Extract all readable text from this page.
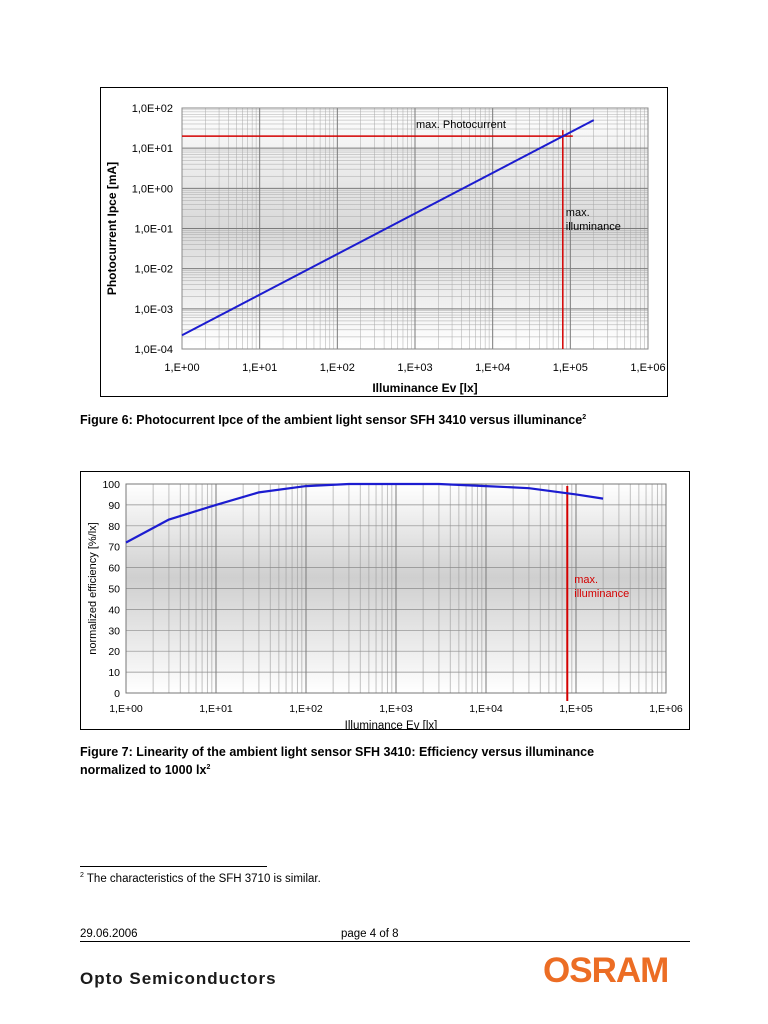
1,E+00	1,E+01	1,E+02	1,E+03	1,E+04	1,E+05	1,E+06
1,0E+02
1,0E+01
1,0E+00
1,0E-01
1,0E-02
1,0E-03
1,0E-04
max. Photocurrent
max.
illuminance
Illuminance Ev [lx]
Photocurrent Ipce [mA]
Figure 6: Photocurrent Ipce of the ambient light sensor SFH 3410 versus illuminance$^2$
100
90
80
70
60
50
40
30
20
10
0
1,E+00	1,E+01	1,E+02	1,E+03	1,E+04	1,E+05	1,E+06
max.
illuminance
Illuminance Ev [lx]
normalized efficiency [%/lx]
Figure 7: Linearity of the ambient light sensor SFH 3410: Efficiency versus illuminance
normalized to 1000 $lx^2$
$^2$ The characteristics of the SFH 3710 is similar.
29.06.2006	page 4 of 8
Opto Semiconductors	OSRAM
